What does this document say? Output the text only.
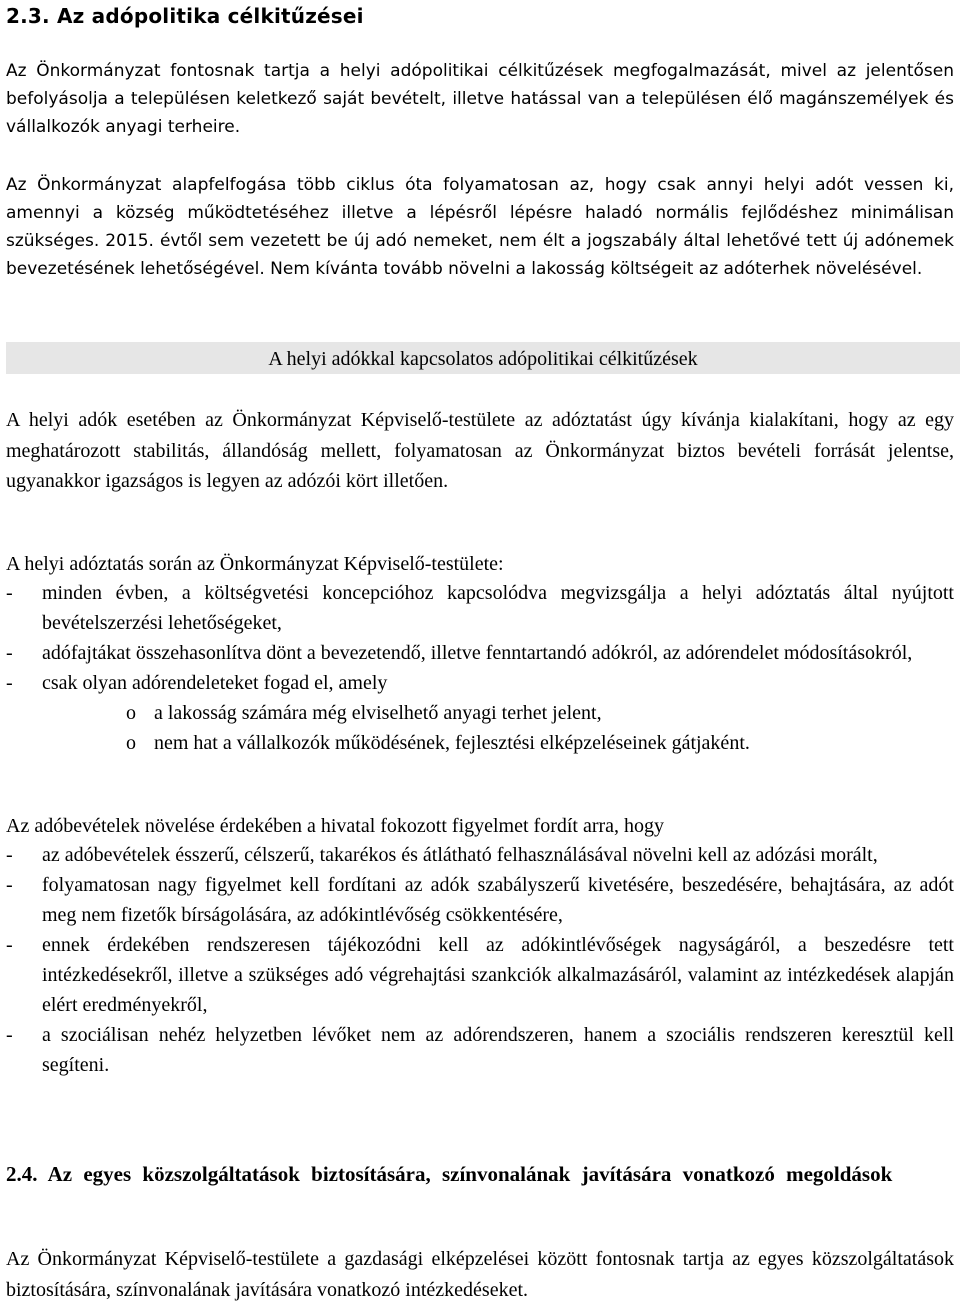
2.3. Az adópolitika célkitűzései

Az Önkormányzat fontosnak tartja a helyi adópolitikai célkitűzések megfogalmazását, mivel az jelentősen befolyásolja a településen keletkező saját bevételt, illetve hatással van a településen élő magánszemélyek és vállalkozók anyagi terheire.

Az Önkormányzat alapfelfogása több ciklus óta folyamatosan az, hogy csak annyi helyi adót vessen ki, amennyi a község működtetéséhez illetve a lépésről lépésre haladó normális fejlődéshez minimálisan szükséges. 2015. évtől sem vezetett be új adó nemeket, nem élt a jogszabály által lehetővé tett új adónemek bevezetésének lehetőségével. Nem kívánta tovább növelni a lakosság költségeit az adóterhek növelésével.

A helyi adókkal kapcsolatos adópolitikai célkitűzések

A helyi adók esetében az Önkormányzat Képviselő-testülete az adóztatást úgy kívánja kialakítani, hogy az egy meghatározott stabilitás, állandóság mellett, folyamatosan az Önkormányzat biztos bevételi forrását jelentse, ugyanakkor igazságos is legyen az adózói kört illetően.

A helyi adóztatás során az Önkormányzat Képviselő-testülete:

- minden évben, a költségvetési koncepcióhoz kapcsolódva megvizsgálja a helyi adóztatás által nyújtott bevételszerzési lehetőségeket,
- adófajtákat összehasonlítva dönt a bevezetendő, illetve fenntartandó adókról, az adórendelet módosításokról,
- csak olyan adórendeleteket fogad el, amely
o a lakosság számára még elviselhető anyagi terhet jelent,
o nem hat a vállalkozók működésének, fejlesztési elképzeléseinek gátjaként.

Az adóbevételek növelése érdekében a hivatal fokozott figyelmet fordít arra, hogy

- az adóbevételek ésszerű, célszerű, takarékos és átlátható felhasználásával növelni kell az adózási morált,
- folyamatosan nagy figyelmet kell fordítani az adók szabályszerű kivetésére, beszedésére, behajtására, az adót meg nem fizetők bírságolására, az adókintlévőség csökkentésére,
- ennek érdekében rendszeresen tájékozódni kell az adókintlévőségek nagyságáról, a beszedésre tett intézkedésekről, illetve a szükséges adó végrehajtási szankciók alkalmazásáról, valamint az intézkedések alapján elért eredményekről,
- a szociálisan nehéz helyzetben lévőket nem az adórendszeren, hanem a szociális rendszeren keresztül kell segíteni.
2.4. Az egyes közszolgáltatások biztosítására, színvonalának javítására vonatkozó megoldások

Az Önkormányzat Képviselő-testülete a gazdasági elképzelései között fontosnak tartja az egyes közszolgáltatások biztosítására, színvonalának javítására vonatkozó intézkedéseket.
